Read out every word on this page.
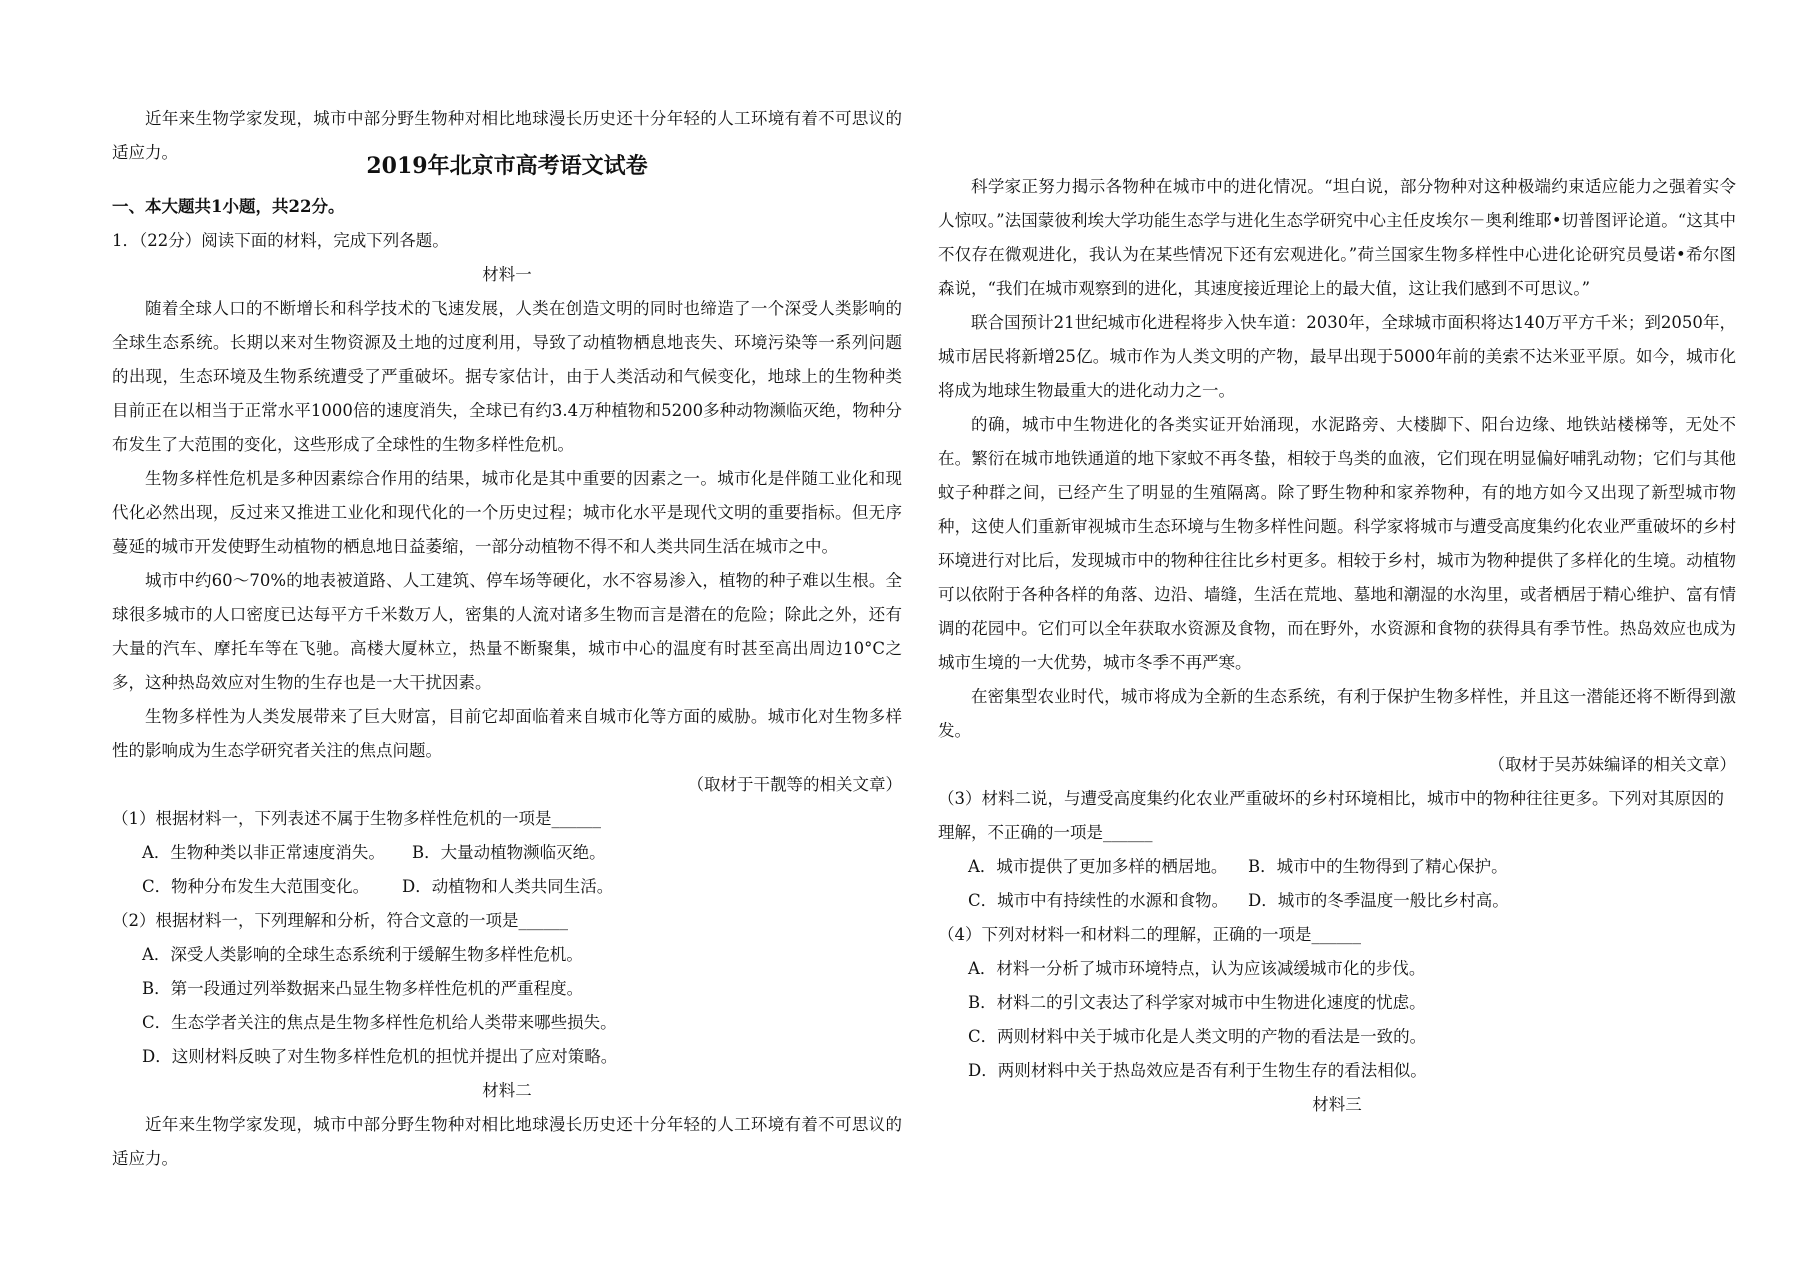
2019年北京市高考语文试卷
一、本大题共1小题，共22分。
1．（22分）阅读下面的材料，完成下列各题。
材料一
随着全球人口的不断增长和科学技术的飞速发展，人类在创造文明的同时也缔造了一个深受人类影响的全球生态系统。长期以来对生物资源及土地的过度利用，导致了动植物栖息地丧失、环境污染等一系列问题的出现，生态环境及生物系统遭受了严重破坏。据专家估计，由于人类活动和气候变化，地球上的生物种类目前正在以相当于正常水平1000倍的速度消失，全球已有约3.4万种植物和5200多种动物濒临灭绝，物种分布发生了大范围的变化，这些形成了全球性的生物多样性危机。
生物多样性危机是多种因素综合作用的结果，城市化是其中重要的因素之一。城市化是伴随工业化和现代化必然出现，反过来又推进工业化和现代化的一个历史过程；城市化水平是现代文明的重要指标。但无序蔓延的城市开发使野生动植物的栖息地日益萎缩，一部分动植物不得不和人类共同生活在城市之中。
城市中约60～70%的地表被道路、人工建筑、停车场等硬化，水不容易渗入，植物的种子难以生根。全球很多城市的人口密度已达每平方千米数万人，密集的人流对诸多生物而言是潜在的危险；除此之外，还有大量的汽车、摩托车等在飞驰。高楼大厦林立，热量不断聚集，城市中心的温度有时甚至高出周边10°C之多，这种热岛效应对生物的生存也是一大干扰因素。
生物多样性为人类发展带来了巨大财富，目前它却面临着来自城市化等方面的威胁。城市化对生物多样性的影响成为生态学研究者关注的焦点问题。
（取材于干靓等的相关文章）
（1）根据材料一，下列表述不属于生物多样性危机的一项是______
A．生物种类以非正常速度消失。 B．大量动植物濒临灭绝。
C．物种分布发生大范围变化。 D．动植物和人类共同生活。
（2）根据材料一，下列理解和分析，符合文意的一项是______
A．深受人类影响的全球生态系统利于缓解生物多样性危机。
B．第一段通过列举数据来凸显生物多样性危机的严重程度。
C．生态学者关注的焦点是生物多样性危机给人类带来哪些损失。
D．这则材料反映了对生物多样性危机的担忧并提出了应对策略。
材料二
近年来生物学家发现，城市中部分野生物种对相比地球漫长历史还十分年轻的人工环境有着不可思议的适应力。
近年来生物学家发现，城市中部分野生物种对相比地球漫长历史还十分年轻的人工环境有着不可思议的适应力。
科学家正努力揭示各物种在城市中的进化情况。“坦白说，部分物种对这种极端约束适应能力之强着实令人惊叹。”法国蒙彼利埃大学功能生态学与进化生态学研究中心主任皮埃尔－奥利维耶•切普图评论道。“这其中不仅存在微观进化，我认为在某些情况下还有宏观进化。”荷兰国家生物多样性中心进化论研究员曼诺•希尔图森说，“我们在城市观察到的进化，其速度接近理论上的最大值，这让我们感到不可思议。”
联合国预计21世纪城市化进程将步入快车道：2030年，全球城市面积将达140万平方千米；到2050年，城市居民将新增25亿。城市作为人类文明的产物，最早出现于5000年前的美索不达米亚平原。如今，城市化将成为地球生物最重大的进化动力之一。
的确，城市中生物进化的各类实证开始涌现，水泥路旁、大楼脚下、阳台边缘、地铁站楼梯等，无处不在。繁衍在城市地铁通道的地下家蚊不再冬蛰，相较于鸟类的血液，它们现在明显偏好哺乳动物；它们与其他蚊子种群之间，已经产生了明显的生殖隔离。除了野生物种和家养物种，有的地方如今又出现了新型城市物种，这使人们重新审视城市生态环境与生物多样性问题。科学家将城市与遭受高度集约化农业严重破坏的乡村环境进行对比后，发现城市中的物种往往比乡村更多。相较于乡村，城市为物种提供了多样化的生境。动植物可以依附于各种各样的角落、边沿、墙缝，生活在荒地、墓地和潮湿的水沟里，或者栖居于精心维护、富有情调的花园中。它们可以全年获取水资源及食物，而在野外，水资源和食物的获得具有季节性。热岛效应也成为城市生境的一大优势，城市冬季不再严寒。
在密集型农业时代，城市将成为全新的生态系统，有利于保护生物多样性，并且这一潜能还将不断得到激发。
（取材于吴苏妹编译的相关文章）
（3）材料二说，与遭受高度集约化农业严重破坏的乡村环境相比，城市中的物种往往更多。下列对其原因的理解，不正确的一项是______
A．城市提供了更加多样的栖居地。 B．城市中的生物得到了精心保护。
C．城市中有持续性的水源和食物。 D．城市的冬季温度一般比乡村高。
（4）下列对材料一和材料二的理解，正确的一项是______
A．材料一分析了城市环境特点，认为应该减缓城市化的步伐。
B．材料二的引文表达了科学家对城市中生物进化速度的忧虑。
C．两则材料中关于城市化是人类文明的产物的看法是一致的。
D．两则材料中关于热岛效应是否有利于生物生存的看法相似。
材料三
